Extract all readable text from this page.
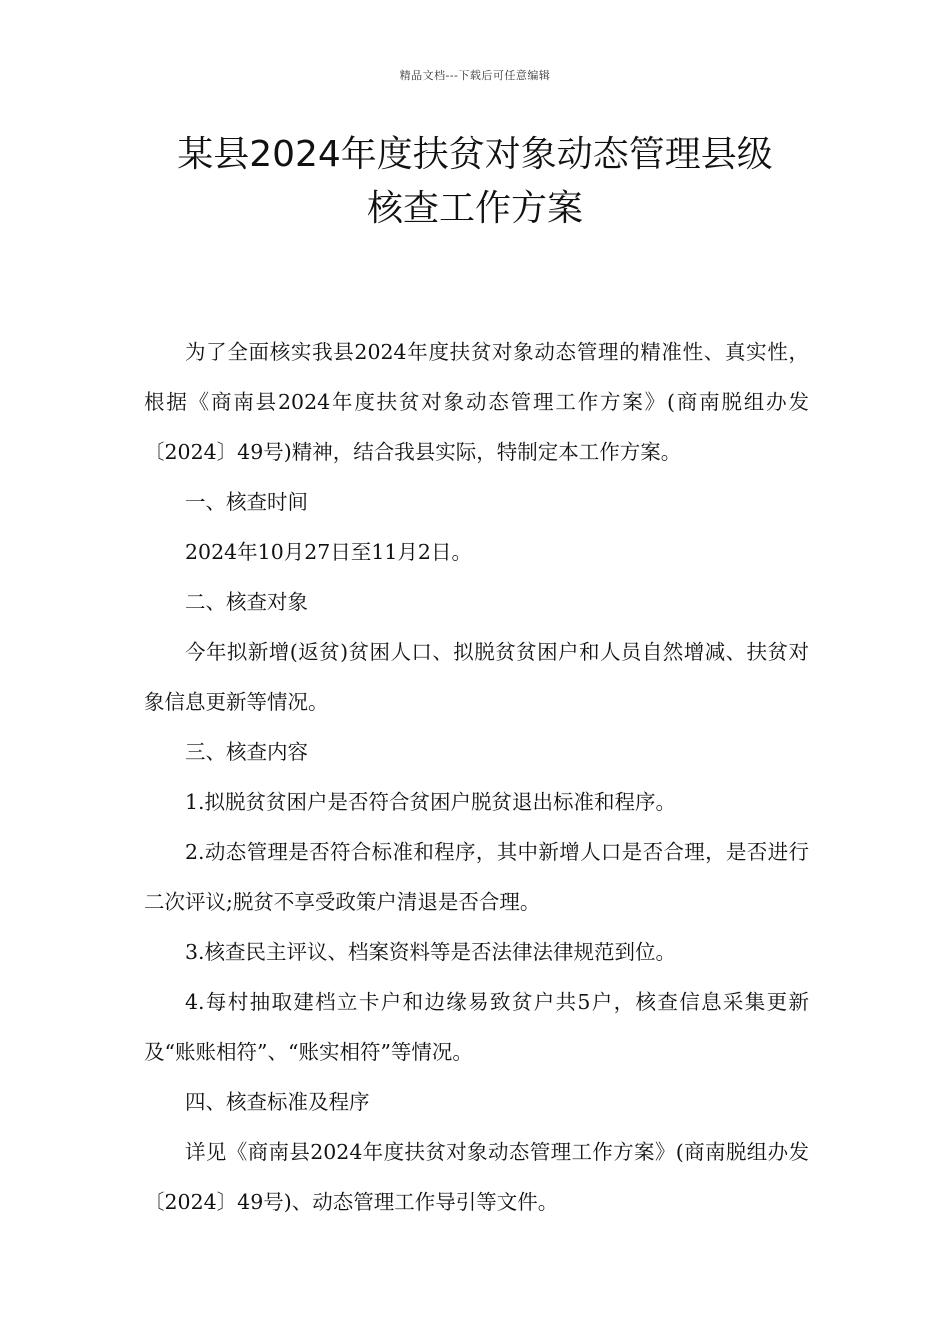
精品文档---下载后可任意编辑
某县2024年度扶贫对象动态管理县级
核查工作方案

为了全面核实我县2024年度扶贫对象动态管理的精准性、真实性，根据《商南县2024年度扶贫对象动态管理工作方案》(商南脱组办发〔2024〕49号)精神，结合我县实际，特制定本工作方案。

一、核查时间

2024年10月27日至11月2日。

二、核查对象

今年拟新增(返贫)贫困人口、拟脱贫贫困户和人员自然增减、扶贫对象信息更新等情况。

三、核查内容

1.拟脱贫贫困户是否符合贫困户脱贫退出标准和程序。

2.动态管理是否符合标准和程序，其中新增人口是否合理，是否进行二次评议;脱贫不享受政策户清退是否合理。

3.核查民主评议、档案资料等是否法律法律规范到位。

4.每村抽取建档立卡户和边缘易致贫户共5户，核查信息采集更新及“账账相符”、“账实相符”等情况。

四、核查标准及程序

详见《商南县2024年度扶贫对象动态管理工作方案》(商南脱组办发〔2024〕49号)、动态管理工作导引等文件。
